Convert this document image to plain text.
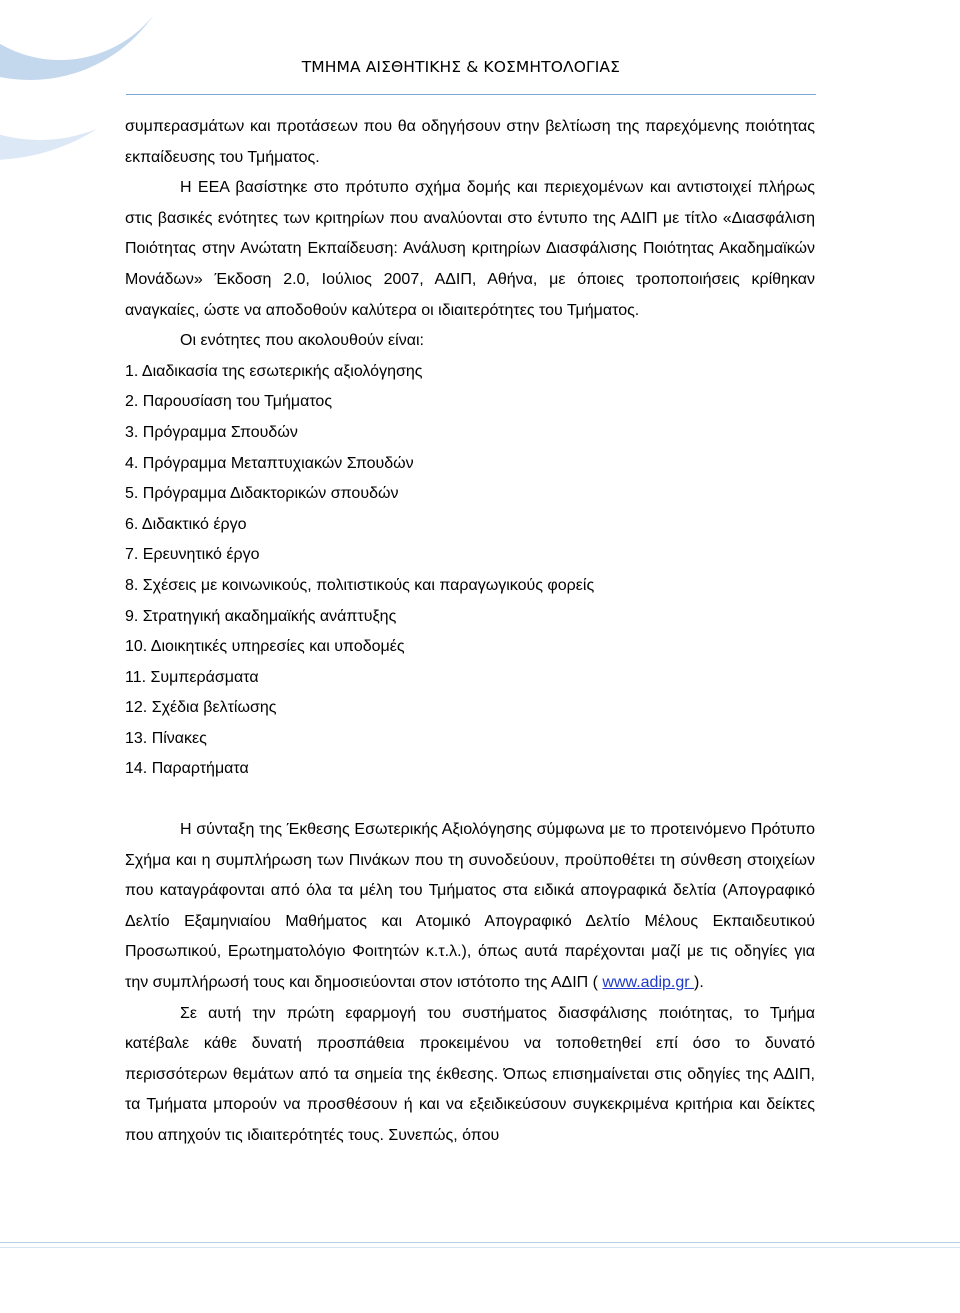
ΤΜΗΜΑ ΑΙΣΘΗΤΙΚΗΣ & ΚΟΣΜΗΤΟΛΟΓΙΑΣ

συμπερασμάτων και προτάσεων που θα οδηγήσουν στην βελτίωση της παρεχόμενης ποιότητας εκπαίδευσης του Τμήματος.

Η ΕΕΑ βασίστηκε στο πρότυπο σχήμα δομής και περιεχομένων και αντιστοιχεί πλήρως στις βασικές ενότητες των κριτηρίων που αναλύονται στο έντυπο της ΑΔΙΠ με τίτλο «Διασφάλιση Ποιότητας στην Ανώτατη Εκπαίδευση: Ανάλυση κριτηρίων Διασφάλισης Ποιότητας Ακαδημαϊκών Μονάδων» Έκδοση 2.0, Ιούλιος 2007, ΑΔΙΠ, Αθήνα, με όποιες τροποποιήσεις κρίθηκαν αναγκαίες, ώστε να αποδοθούν καλύτερα οι ιδιαιτερότητες του Τμήματος.

Οι ενότητες που ακολουθούν είναι:

1. Διαδικασία της εσωτερικής αξιολόγησης
2. Παρουσίαση του Τμήματος
3. Πρόγραμμα Σπουδών
4. Πρόγραμμα Μεταπτυχιακών Σπουδών
5. Πρόγραμμα Διδακτορικών σπουδών
6. Διδακτικό έργο
7. Ερευνητικό έργο
8. Σχέσεις με κοινωνικούς, πολιτιστικούς και παραγωγικούς φορείς
9. Στρατηγική ακαδημαϊκής ανάπτυξης
10. Διοικητικές υπηρεσίες και υποδομές
11. Συμπεράσματα
12. Σχέδια βελτίωσης
13. Πίνακες
14. Παραρτήματα

Η σύνταξη της Έκθεσης Εσωτερικής Αξιολόγησης σύμφωνα με το προτεινόμενο Πρότυπο Σχήμα και η συμπλήρωση των Πινάκων που τη συνοδεύουν, προϋποθέτει τη σύνθεση στοιχείων που καταγράφονται από όλα τα μέλη του Τμήματος στα ειδικά απογραφικά δελτία (Απογραφικό Δελτίο Εξαμηνιαίου Μαθήματος και Ατομικό Απογραφικό Δελτίο Μέλους Εκπαιδευτικού Προσωπικού, Ερωτηματολόγιο Φοιτητών κ.τ.λ.), όπως αυτά παρέχονται μαζί με τις οδηγίες για την συμπλήρωσή τους και δημοσιεύονται στον ιστότοπο της ΑΔΙΠ ( www.adip.gr ).

Σε αυτή την πρώτη εφαρμογή του συστήματος διασφάλισης ποιότητας, το Τμήμα κατέβαλε κάθε δυνατή προσπάθεια προκειμένου να τοποθετηθεί επί όσο το δυνατό περισσότερων θεμάτων από τα σημεία της έκθεσης. Όπως επισημαίνεται στις οδηγίες της ΑΔΙΠ, τα Τμήματα μπορούν να προσθέσουν ή και να εξειδικεύσουν συγκεκριμένα κριτήρια και δείκτες που απηχούν τις ιδιαιτερότητές τους. Συνεπώς, όπου
